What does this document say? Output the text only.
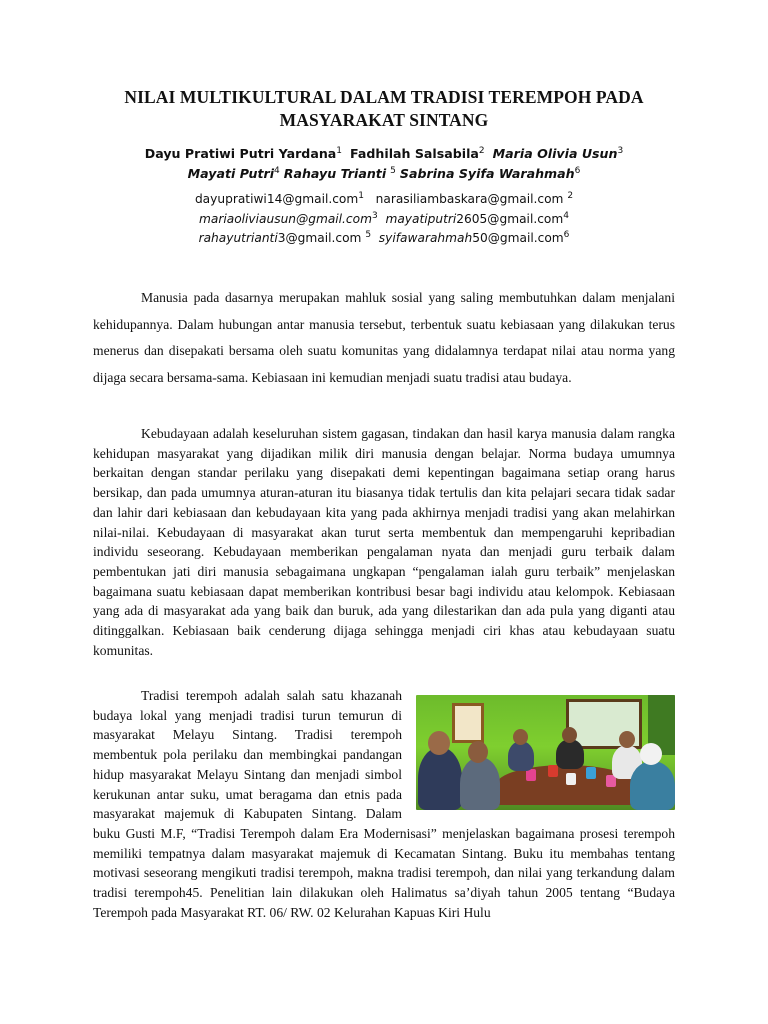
NILAI MULTIKULTURAL DALAM TRADISI TEREMPOH PADA
MASYARAKAT SINTANG
Dayu Pratiwi Putri Yardana$^1$ Fadhilah Salsabila$^2$ Maria Olivia Usun$^3$
Mayati Putri$^4$ Rahayu Trianti $^5$ Sabrina Syifa Warahmah$^6$
dayupratiwi14@gmail.com$^1$ narasiliambaskara@gmail.com $^2$
mariaoliviausun@gmail.com$^3$ mayatiputri2605@gmail.com$^4$
rahayutrianti3@gmail.com $^5$ syifawarahmah50@gmail.com$^6$

Manusia pada dasarnya merupakan mahluk sosial yang saling membutuhkan dalam menjalani kehidupannya. Dalam hubungan antar manusia tersebut, terbentuk suatu kebiasaan yang dilakukan terus menerus dan disepakati bersama oleh suatu komunitas yang didalamnya terdapat nilai atau norma yang dijaga secara bersama-sama. Kebiasaan ini kemudian menjadi suatu tradisi atau budaya.

Kebudayaan adalah keseluruhan sistem gagasan, tindakan dan hasil karya manusia dalam rangka kehidupan masyarakat yang dijadikan milik diri manusia dengan belajar. Norma budaya umumnya berkaitan dengan standar perilaku yang disepakati demi kepentingan bagaimana setiap orang harus bersikap, dan pada umumnya aturan-aturan itu biasanya tidak tertulis dan kita pelajari secara tidak sadar dan lahir dari kebiasaan dan kebudayaan kita yang pada akhirnya menjadi tradisi yang akan melahirkan nilai-nilai. Kebudayaan di masyarakat akan turut serta membentuk dan mempengaruhi kepribadian individu seseorang. Kebudayaan memberikan pengalaman nyata dan menjadi guru terbaik dalam pembentukan jati diri manusia sebagaimana ungkapan “pengalaman ialah guru terbaik” menjelaskan bagaimana suatu kebiasaan dapat memberikan kontribusi besar bagi individu atau kelompok. Kebiasaan yang ada di masyarakat ada yang baik dan buruk, ada yang dilestarikan dan ada pula yang diganti atau ditinggalkan. Kebiasaan baik cenderung dijaga sehingga menjadi ciri khas atau kebudayaan suatu komunitas.

Tradisi terempoh adalah salah satu khazanah budaya lokal yang menjadi tradisi turun temurun di masyarakat Melayu Sintang. Tradisi terempoh membentuk pola perilaku dan membingkai pandangan hidup masyarakat Melayu Sintang dan menjadi simbol kerukunan antar suku, umat beragama dan etnis pada masyarakat majemuk di Kabupaten Sintang. Dalam buku Gusti M.F, “Tradisi Terempoh dalam Era Modernisasi” menjelaskan bagaimana prosesi terempoh memiliki tempatnya dalam masyarakat majemuk di Kecamatan Sintang. Buku itu membahas tentang motivasi seseorang mengikuti tradisi terempoh, makna tradisi terempoh, dan nilai yang terkandung dalam tradisi terempoh45. Penelitian lain dilakukan oleh Halimatus sa’diyah tahun 2005 tentang “Budaya Terempoh pada Masyarakat RT. 06/ RW. 02 Kelurahan Kapuas Kiri Hulu
